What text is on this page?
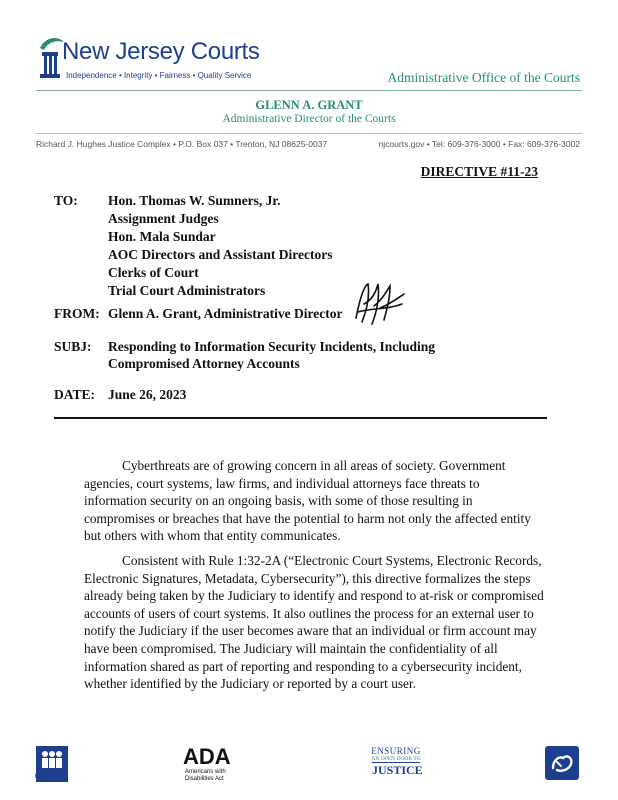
New Jersey Courts
Independence • Integrity • Fairness • Quality Service	Administrative Office of the Courts
GLENN A. GRANT
Administrative Director of the Courts
Richard J. Hughes Justice Complex • P.O. Box 037 • Trenton, NJ 08625-0037	njcourts.gov • Tel: 609-376-3000 • Fax: 609-376-3002
DIRECTIVE #11-23
TO: Hon. Thomas W. Sumners, Jr.
Assignment Judges
Hon. Mala Sundar
AOC Directors and Assistant Directors
Clerks of Court
Trial Court Administrators
FROM: Glenn A. Grant, Administrative Director
SUBJ: Responding to Information Security Incidents, Including
Compromised Attorney Accounts
DATE: June 26, 2023

Cyberthreats are of growing concern in all areas of society. Government agencies, court systems, law firms, and individual attorneys face threats to information security on an ongoing basis, with some of those resulting in compromises or breaches that have the potential to harm not only the affected entity but others with whom that entity communicates.

Consistent with Rule 1:32-2A (“Electronic Court Systems, Electronic Records, Electronic Signatures, Metadata, Cybersecurity”), this directive formalizes the steps already being taken by the Judiciary to identify and respond to at-risk or compromised accounts of users of court systems. It also outlines the process for an external user to notify the Judiciary if the user becomes aware that an individual or firm account may have been compromised. The Judiciary will maintain the confidentiality of all information shared as part of reporting and responding to a cybersecurity incident, whether identified by the Judiciary or reported by a court user.

Interpreter
ADA
Americans with
Disabilities Act
ENSURING
AN OPEN DOOR TO
JUSTICE
